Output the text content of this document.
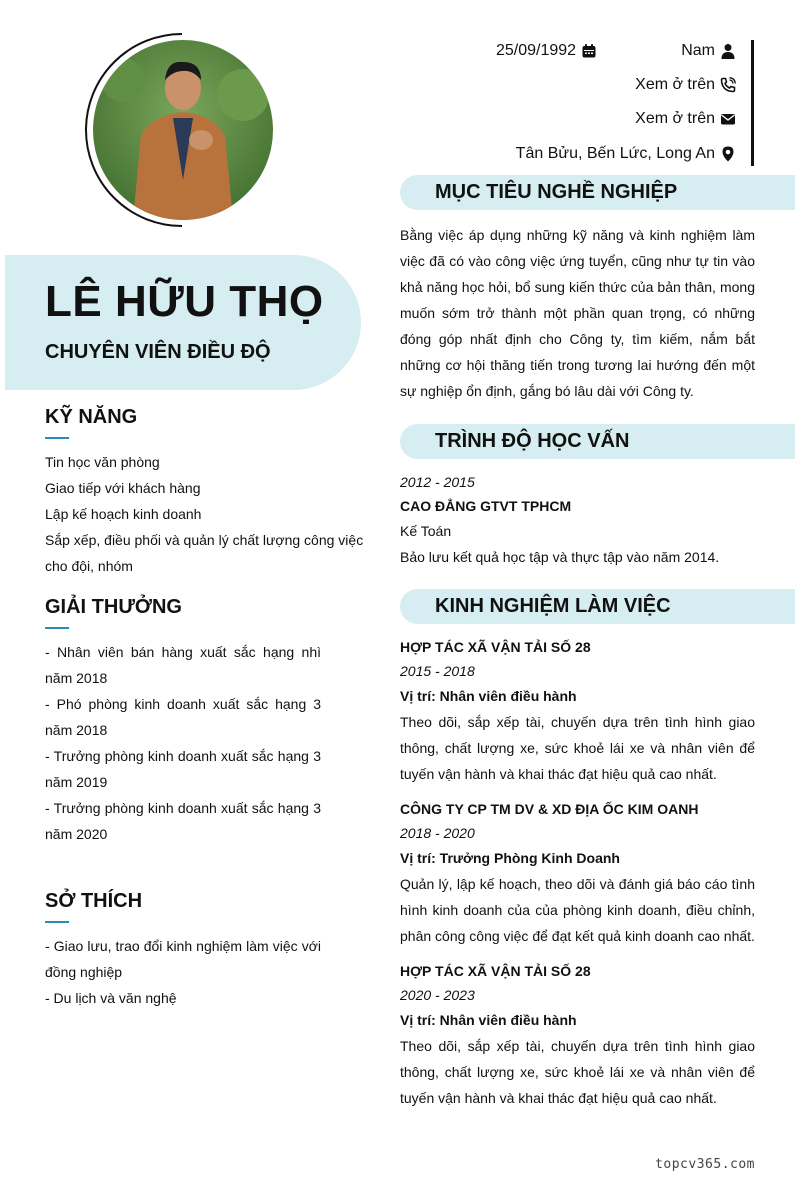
LÊ HỮU THỌ
CHUYÊN VIÊN ĐIỀU ĐỘ
KỸ NĂNG
Tin học văn phòng
Giao tiếp với khách hàng
Lập kế hoạch kinh doanh
Sắp xếp, điều phối và quản lý chất lượng công việc cho đội, nhóm
GIẢI THƯỞNG
- Nhân viên bán hàng xuất sắc hạng nhì năm 2018
- Phó phòng kinh doanh xuất sắc hạng 3 năm 2018
- Trưởng phòng kinh doanh xuất sắc hạng 3 năm 2019
- Trưởng phòng kinh doanh xuất sắc hạng 3 năm 2020
SỞ THÍCH
- Giao lưu, trao đổi kinh nghiệm làm việc với đồng nghiệp
- Du lịch và văn nghệ
25/09/1992	Nam
Xem ở trên
Xem ở trên
Tân Bửu, Bến Lức, Long An
MỤC TIÊU NGHỀ NGHIỆP
Bằng việc áp dụng những kỹ năng và kinh nghiệm làm việc đã có vào công việc ứng tuyển, cũng như tự tin vào khả năng học hỏi, bổ sung kiến thức của bản thân, mong muốn sớm trở thành một phần quan trọng, có những đóng góp nhất định cho Công ty, tìm kiếm, nắm bắt những cơ hội thăng tiến trong tương lai hướng đến một sự nghiệp ổn định, gắng bó lâu dài với Công ty.
TRÌNH ĐỘ HỌC VẤN
2012 - 2015
CAO ĐẲNG GTVT TPHCM
Kế Toán
Bảo lưu kết quả học tập và thực tập vào năm 2014.
KINH NGHIỆM LÀM VIỆC
HỢP TÁC XÃ VẬN TẢI SỐ 28
2015 - 2018
Vị trí: Nhân viên điều hành
Theo dõi, sắp xếp tài, chuyến dựa trên tình hình giao thông, chất lượng xe, sức khoẻ lái xe và nhân viên để tuyến vận hành và khai thác đạt hiệu quả cao nhất.
CÔNG TY CP TM DV & XD ĐỊA ỐC KIM OANH
2018 - 2020
Vị trí: Trưởng Phòng Kinh Doanh
Quản lý, lập kế hoạch, theo dõi và đánh giá báo cáo tình hình kinh doanh của của phòng kinh doanh, điều chỉnh, phân công công việc để đạt kết quả kinh doanh cao nhất.
HỢP TÁC XÃ VẬN TẢI SỐ 28
2020 - 2023
Vị trí: Nhân viên điều hành
Theo dõi, sắp xếp tài, chuyến dựa trên tình hình giao thông, chất lượng xe, sức khoẻ lái xe và nhân viên để tuyến vận hành và khai thác đạt hiệu quả cao nhất.
topcv365.com
